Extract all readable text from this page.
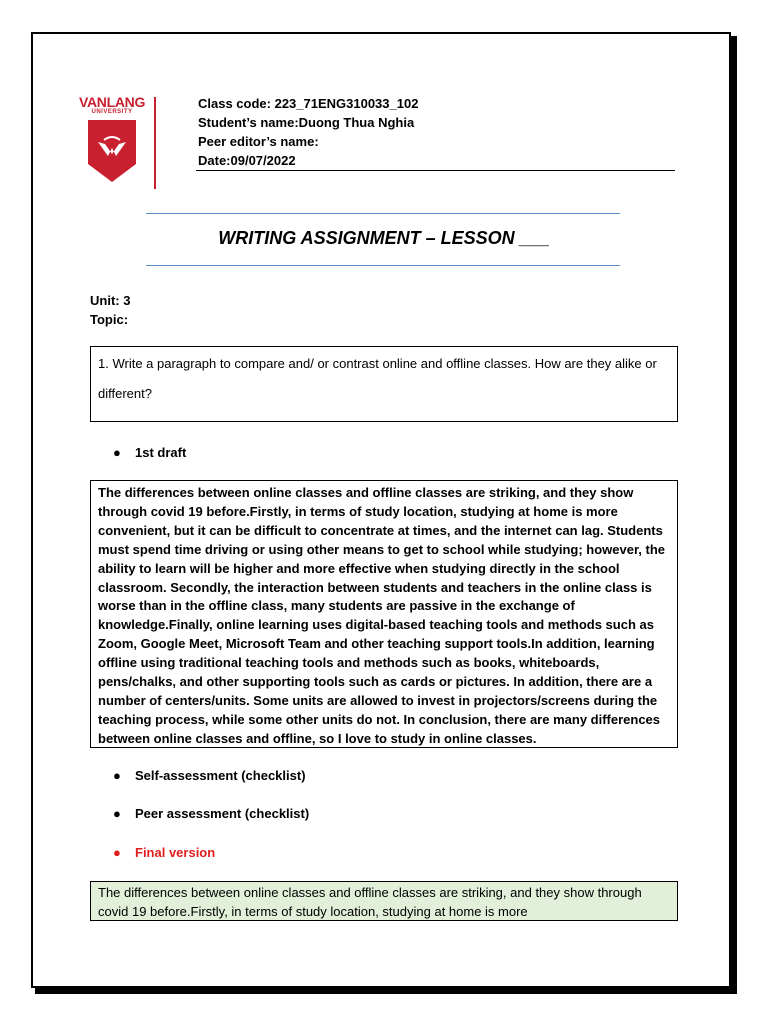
VANLANG
UNIVERSITY
Class code: 223_71ENG310033_102
Student’s name:Duong Thua Nghia
Peer editor’s name:
Date:09/07/2022
WRITING ASSIGNMENT – LESSON ___
Unit: 3
Topic:
1. Write a paragraph to compare and/ or contrast online and offline classes. How are they alike or different?
● 1st draft
The differences between online classes and offline classes are striking, and they show through covid 19 before.Firstly, in terms of study location, studying at home is more convenient, but it can be difficult to concentrate at times, and the internet can lag. Students must spend time driving or using other means to get to school while studying; however, the ability to learn will be higher and more effective when studying directly in the school classroom. Secondly, the interaction between students and teachers in the online class is worse than in the offline class, many students are passive in the exchange of knowledge.Finally, online learning uses digital-based teaching tools and methods such as Zoom, Google Meet, Microsoft Team and other teaching support tools.In addition, learning offline using traditional teaching tools and methods such as books, whiteboards, pens/chalks, and other supporting tools such as cards or pictures. In addition, there are a number of centers/units. Some units are allowed to invest in projectors/screens during the teaching process, while some other units do not. In conclusion, there are many differences between online classes and offline, so I love to study in online classes.
● Self-assessment (checklist)
● Peer assessment (checklist)
● Final version
The differences between online classes and offline classes are striking, and they show through covid 19 before.Firstly, in terms of study location, studying at home is more
